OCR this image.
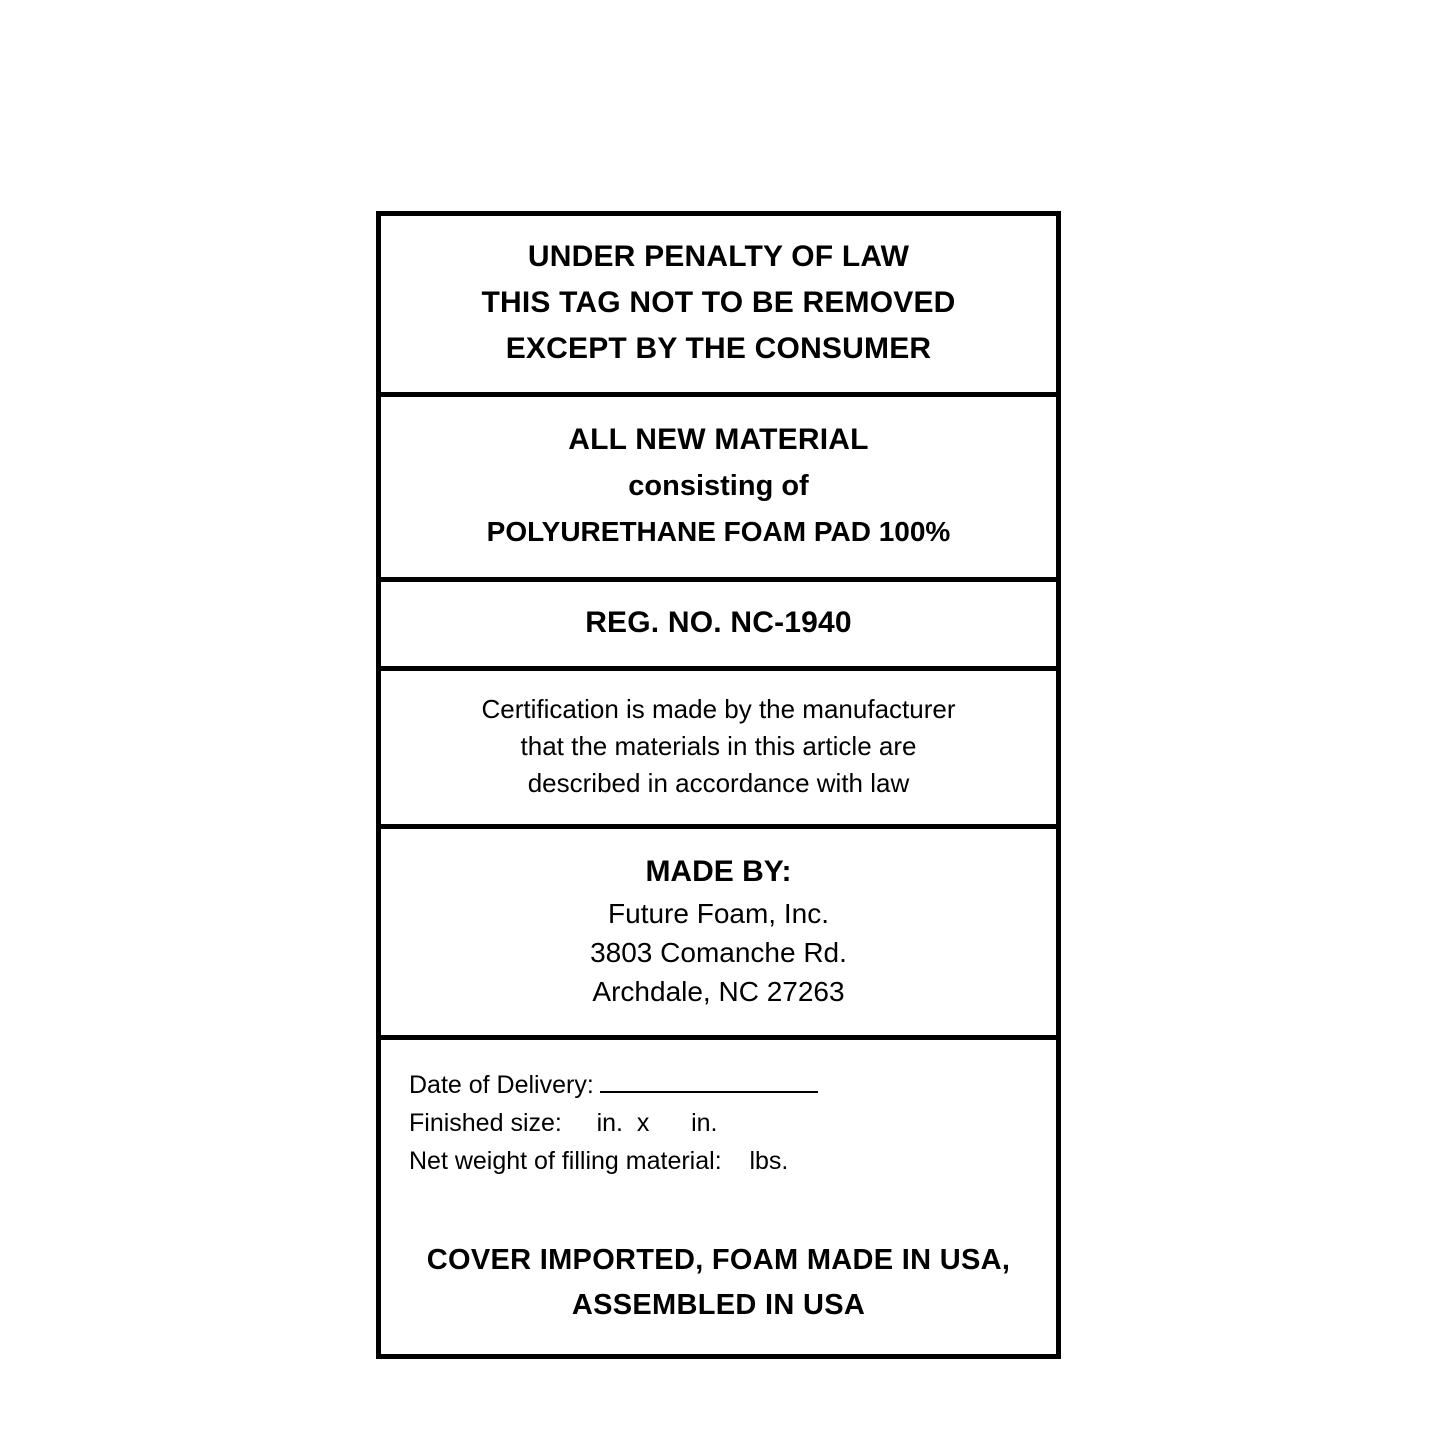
UNDER PENALTY OF LAW
THIS TAG NOT TO BE REMOVED
EXCEPT BY THE CONSUMER
ALL NEW MATERIAL
consisting of
POLYURETHANE FOAM PAD 100%
REG. NO. NC-1940
Certification is made by the manufacturer
that the materials in this article are
described in accordance with law
MADE BY:
Future Foam, Inc.
3803 Comanche Rd.
Archdale, NC 27263
Date of Delivery:
Finished size: in.  x      in.
Net weight of filling material: lbs.
COVER IMPORTED, FOAM MADE IN USA,
ASSEMBLED IN USA
